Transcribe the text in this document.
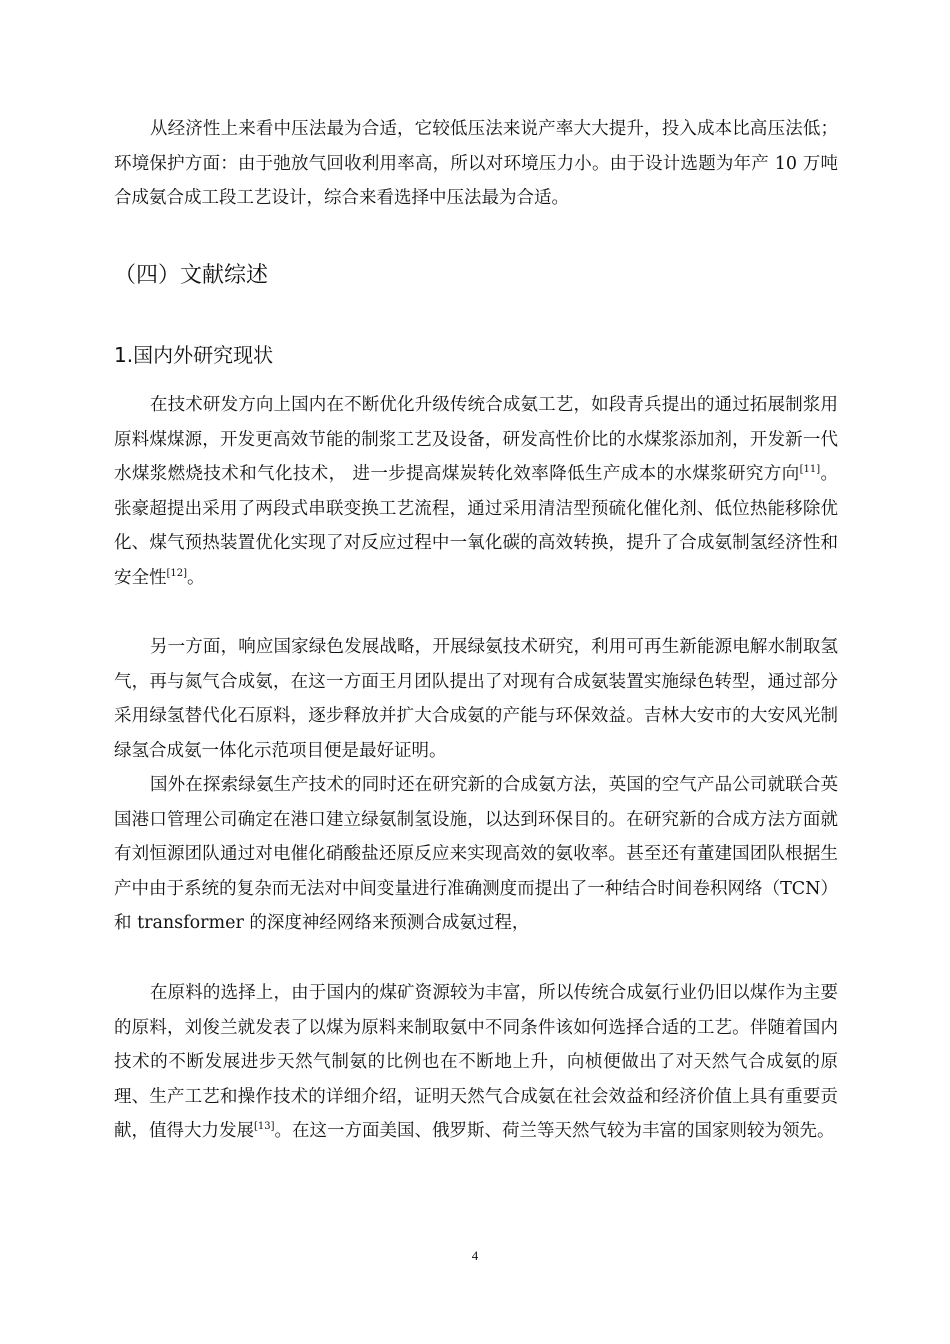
从经济性上来看中压法最为合适，它较低压法来说产率大大提升，投入成本比高压法低；环境保护方面：由于弛放气回收利用率高，所以对环境压力小。由于设计选题为年产 10 万吨合成氨合成工段工艺设计，综合来看选择中压法最为合适。

（四）文献综述
1.国内外研究现状

在技术研发方向上国内在不断优化升级传统合成氨工艺，如段青兵提出的通过拓展制浆用原料煤煤源，开发更高效节能的制浆工艺及设备，研发高性价比的水煤浆添加剂，开发新一代水煤浆燃烧技术和气化技术， 进一步提高煤炭转化效率降低生产成本的水煤浆研究方向[11]。张豪超提出采用了两段式串联变换工艺流程，通过采用清洁型预硫化催化剂、低位热能移除优化、煤气预热装置优化实现了对反应过程中一氧化碳的高效转换，提升了合成氨制氢经济性和安全性[12]。

另一方面，响应国家绿色发展战略，开展绿氨技术研究，利用可再生新能源电解水制取氢气，再与氮气合成氨，在这一方面王月团队提出了对现有合成氨装置实施绿色转型，通过部分采用绿氢替代化石原料，逐步释放并扩大合成氨的产能与环保效益。吉林大安市的大安风光制绿氢合成氨一体化示范项目便是最好证明。

国外在探索绿氨生产技术的同时还在研究新的合成氨方法，英国的空气产品公司就联合英国港口管理公司确定在港口建立绿氨制氢设施，以达到环保目的。在研究新的合成方法方面就有刘恒源团队通过对电催化硝酸盐还原反应来实现高效的氨收率。甚至还有董建国团队根据生产中由于系统的复杂而无法对中间变量进行准确测度而提出了一种结合时间卷积网络（TCN）和 transformer 的深度神经网络来预测合成氨过程，

在原料的选择上，由于国内的煤矿资源较为丰富，所以传统合成氨行业仍旧以煤作为主要的原料，刘俊兰就发表了以煤为原料来制取氨中不同条件该如何选择合适的工艺。伴随着国内技术的不断发展进步天然气制氨的比例也在不断地上升，向桢便做出了对天然气合成氨的原理、生产工艺和操作技术的详细介绍，证明天然气合成氨在社会效益和经济价值上具有重要贡献，值得大力发展[13]。在这一方面美国、俄罗斯、荷兰等天然气较为丰富的国家则较为领先。

4
